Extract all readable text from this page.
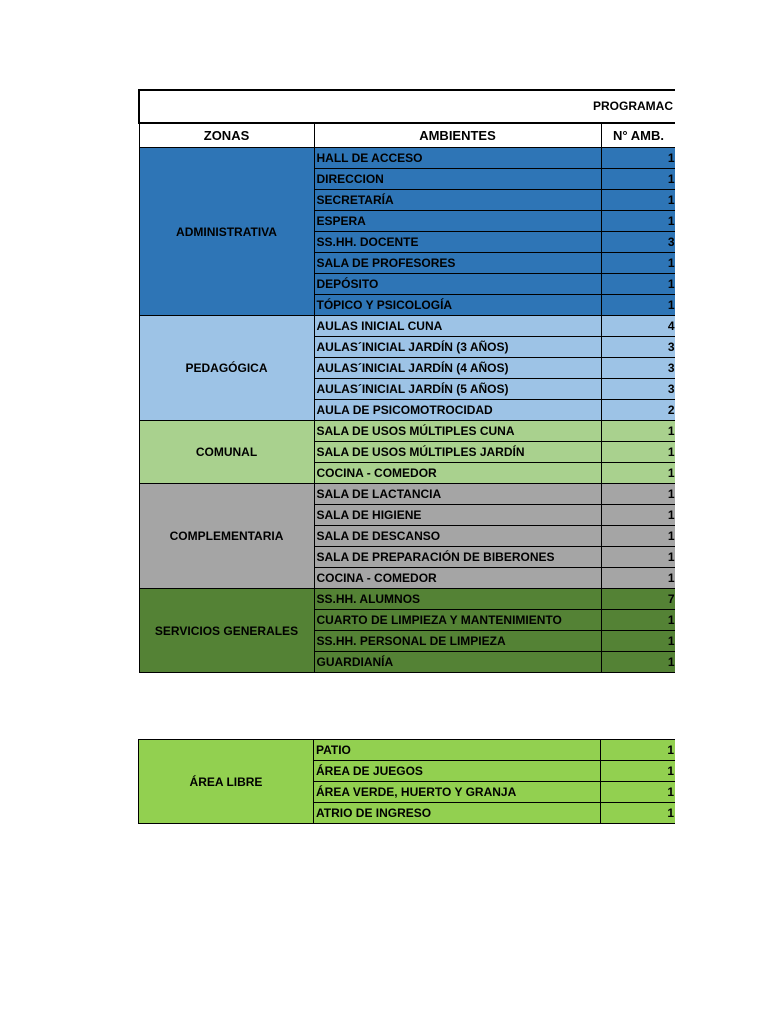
PROGRAMAC			
ZONAS	AMBIENTES	N° AMB.	
ADMINISTRATIVA	HALL DE ACCESO	1	
	DIRECCION	1	
	SECRETARÍA	1	
	ESPERA	1	
	SS.HH. DOCENTE	3	
	SALA DE PROFESORES	1	
	DEPÓSITO	1	
	TÓPICO Y PSICOLOGÍA	1	
PEDAGÓGICA	AULAS INICIAL CUNA	4	
	AULAS´INICIAL JARDÍN (3 AÑOS)	3	
	AULAS´INICIAL JARDÍN (4 AÑOS)	3	
	AULAS´INICIAL JARDÍN (5 AÑOS)	3	
	AULA DE PSICOMOTROCIDAD	2	
COMUNAL	SALA DE USOS MÚLTIPLES CUNA	1	
	SALA DE USOS MÚLTIPLES JARDÍN	1	
	COCINA - COMEDOR	1	
COMPLEMENTARIA	SALA DE LACTANCIA	1	
	SALA DE HIGIENE	1	
	SALA DE DESCANSO	1	
	SALA DE PREPARACIÓN DE BIBERONES	1	
	COCINA - COMEDOR	1	
SERVICIOS GENERALES	SS.HH. ALUMNOS	7	
	CUARTO DE LIMPIEZA Y MANTENIMIENTO	1	
	SS.HH. PERSONAL DE LIMPIEZA	1	
	GUARDIANÍA	1	
ÁREA LIBRE	PATIO	1	
	ÁREA DE JUEGOS	1	
	ÁREA VERDE, HUERTO Y GRANJA	1	
	ATRIO DE INGRESO	1	
